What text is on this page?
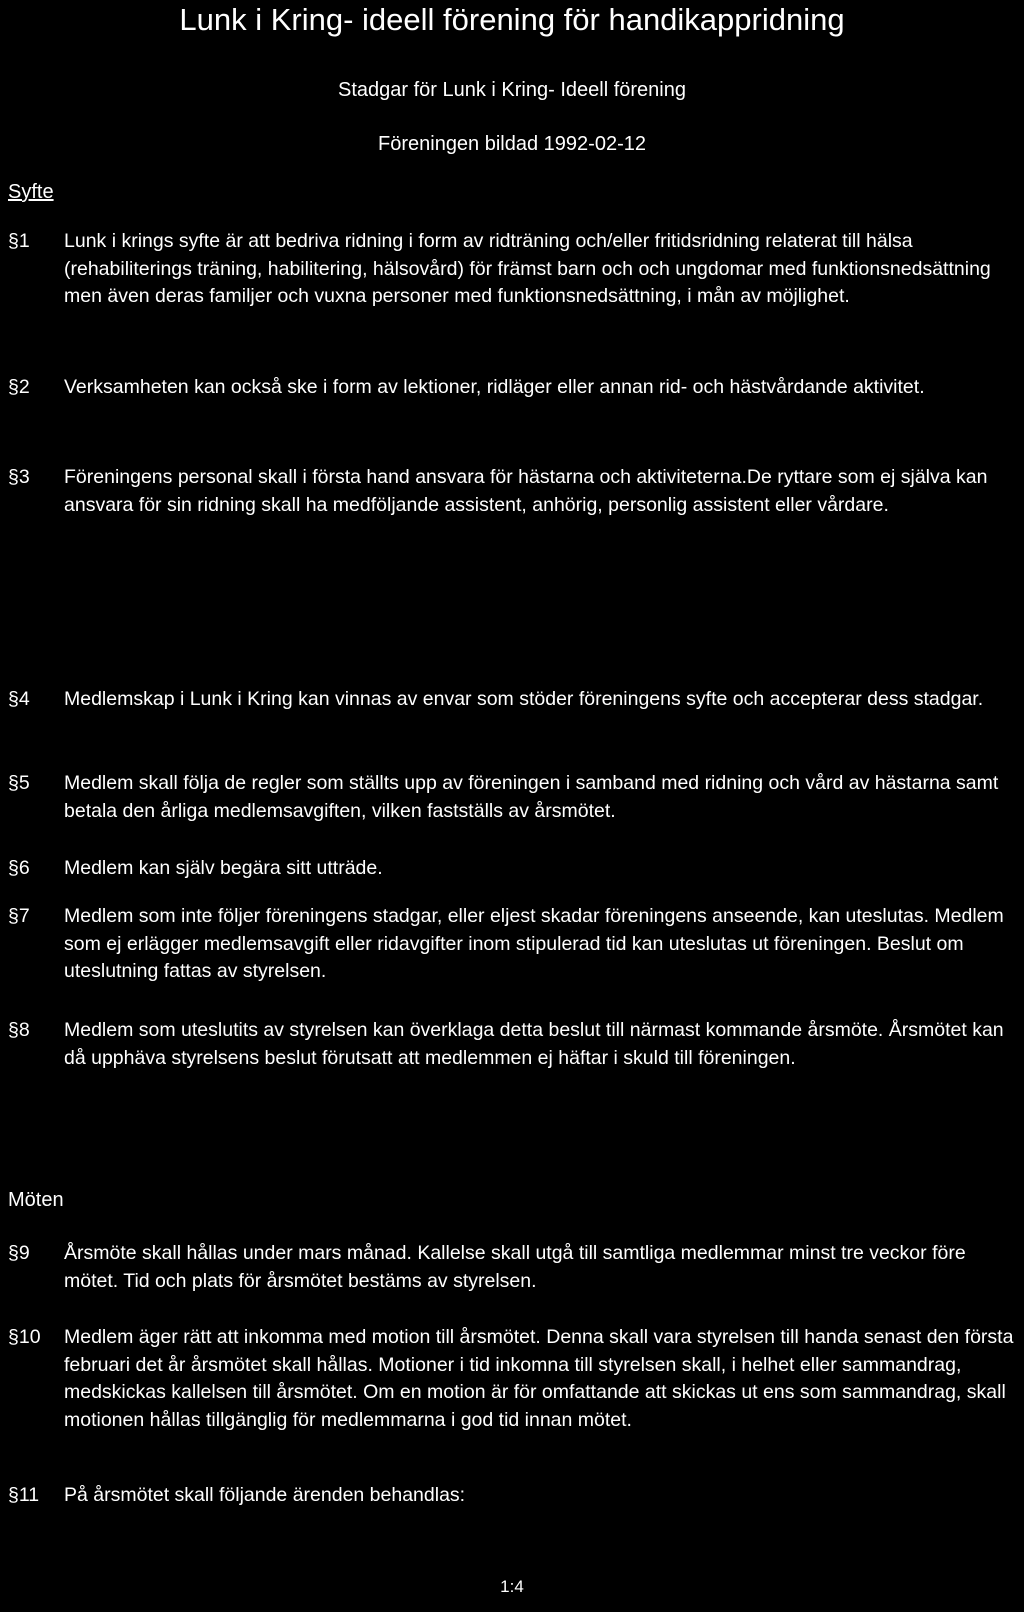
Lunk i Kring- ideell förening för handikappridning
Stadgar för Lunk i Kring- Ideell förening
Föreningen bildad 1992-02-12
Syfte
§1	Lunk i krings syfte är att bedriva ridning i form av ridträning och/eller fritidsridning relaterat till hälsa (rehabiliterings träning, habilitering, hälsovård) för främst barn och och ungdomar med funktionsnedsättning men även deras familjer och vuxna personer med funktionsnedsättning, i mån av möjlighet.
§2	Verksamheten kan också ske i form av lektioner, ridläger eller annan rid- och hästvårdande aktivitet.
§3	Föreningens personal skall i första hand ansvara för hästarna och aktiviteterna.De ryttare som ej själva kan ansvara för sin ridning skall ha medföljande assistent, anhörig, personlig assistent eller vårdare.
§4	Medlemskap i Lunk i Kring kan vinnas av envar som stöder föreningens syfte och accepterar dess stadgar.
§5	Medlem skall följa de regler som ställts upp av föreningen i samband med ridning och vård av hästarna samt betala den årliga medlemsavgiften, vilken fastställs av årsmötet.
§6	Medlem kan själv begära sitt utträde.
§7	Medlem som inte följer föreningens stadgar, eller eljest skadar föreningens anseende, kan uteslutas. Medlem som ej erlägger medlemsavgift eller ridavgifter inom stipulerad tid kan uteslutas ut föreningen. Beslut om uteslutning fattas av styrelsen.
§8	Medlem som uteslutits av styrelsen kan överklaga detta beslut till närmast kommande årsmöte. Årsmötet kan då upphäva styrelsens beslut förutsatt att medlemmen ej häftar i skuld till föreningen.
Möten
§9	Årsmöte skall hållas under mars månad. Kallelse skall utgå till samtliga medlemmar minst tre veckor före mötet. Tid och plats för årsmötet bestäms av styrelsen.
§10	Medlem äger rätt att inkomma med motion till årsmötet. Denna skall vara styrelsen till handa senast den första februari det år årsmötet skall hållas. Motioner i tid inkomna till styrelsen skall, i helhet eller sammandrag, medskickas kallelsen till årsmötet. Om en motion är för omfattande att skickas ut ens som sammandrag, skall motionen hållas tillgänglig för medlemmarna i god tid innan mötet.
§11	På årsmötet skall följande ärenden behandlas:
1:4
